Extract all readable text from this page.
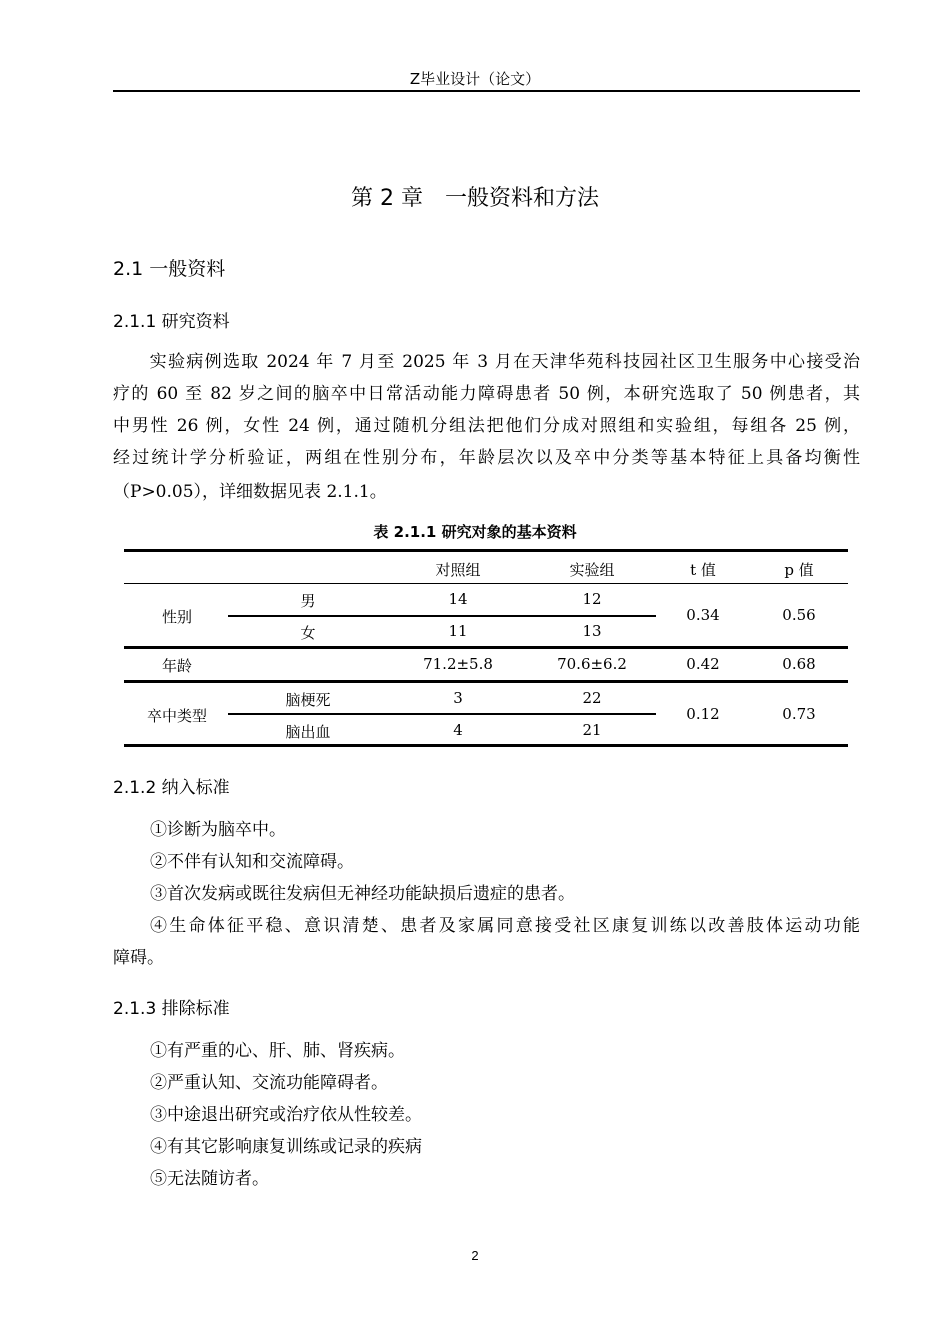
Z毕业设计（论文）
第 2 章　一般资料和方法
2.1 一般资料
2.1.1 研究资料
　　实验病例选取 2024 年 7 月至 2025 年 3 月在天津华苑科技园社区卫生服务中心接受治
疗的 60 至 82 岁之间的脑卒中日常活动能力障碍患者 50 例，本研究选取了 50 例患者，其
中男性 26 例，女性 24 例，通过随机分组法把他们分成对照组和实验组，每组各 25 例，
经过统计学分析验证，两组在性别分布，年龄层次以及卒中分类等基本特征上具备均衡性
（P>0.05），详细数据见表 2.1.1。
表 2.1.1 研究对象的基本资料
对照组	实验组	t 值	p 值
性别
男	14	12
女	11	13
0.34	0.56
年龄	71.2±5.8	70.6±6.2	0.42	0.68
卒中类型
脑梗死	3	22
脑出血	4	21
0.12	0.73
2.1.2 纳入标准
①诊断为脑卒中。
②不伴有认知和交流障碍。
③首次发病或既往发病但无神经功能缺损后遗症的患者。
④生命体征平稳、意识清楚、患者及家属同意接受社区康复训练以改善肢体运动功能
障碍。
2.1.3 排除标准
①有严重的心、肝、肺、肾疾病。
②严重认知、交流功能障碍者。
③中途退出研究或治疗依从性较差。
④有其它影响康复训练或记录的疾病
⑤无法随访者。
2
